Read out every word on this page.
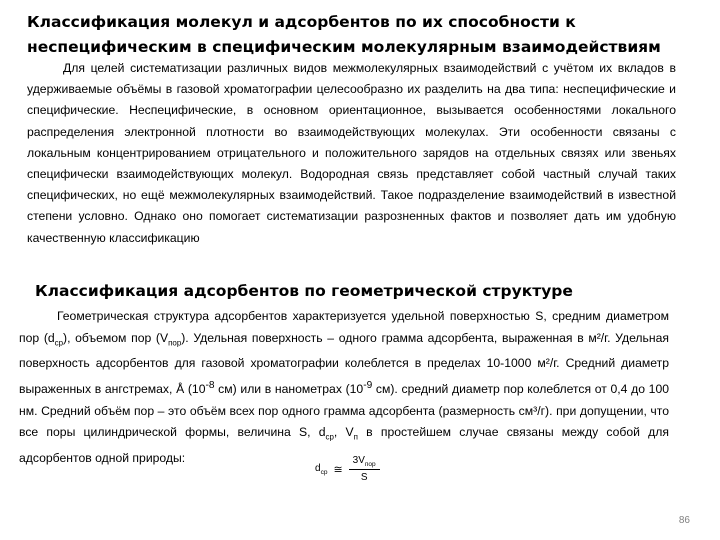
Классификация молекул и адсорбентов по их способности к неспецифическим в специфическим молекулярным взаимодействиям

Для целей систематизации различных видов межмолекулярных взаимодействий с учётом их вкладов в удерживаемые объёмы в газовой хроматографии целесообразно их разделить на два типа: неспецифические и специфические. Неспецифические, в основном ориентационное, вызывается особенностями локального распределения электронной плотности во взаимодействующих молекулах. Эти особенности связаны с локальным концентрированием отрицательного и положительного зарядов на отдельных связях или звеньях специфически взаимодействующих молекул. Водородная связь представляет собой частный случай таких специфических, но ещё межмолекулярных взаимодействий. Такое подразделение взаимодействий в известной степени условно. Однако оно помогает систематизации разрозненных фактов и позволяет дать им удобную качественную классификацию

Классификация адсорбентов по геометрической структуре

Геометрическая структура адсорбентов характеризуется удельной поверхностью S, средним диаметром пор $(d_{ср})$, объемом пор $(V_{пор})$. Удельная поверхность – одного грамма адсорбента, выраженная в м²/г. Удельная поверхность адсорбентов для газовой хроматографии колеблется в пределах 10-1000 м²/г. Средний диаметр выраженных в ангстремах, Å ($10^{-8}$ см) или в нанометрах ($10^{-9}$ см). средний диаметр пор колеблется от 0,4 до 100 нм. Средний объём пор – это объём всех пор одного грамма адсорбента (размерность см³/г). при допущении, что все поры цилиндрической формы, величина S, $d_{ср}$, $V_п$ в простейшем случае связаны между собой для адсорбентов одной природы:

$d_{ср}$ ≅ $\frac{3V_{пор}}{S}$
86
